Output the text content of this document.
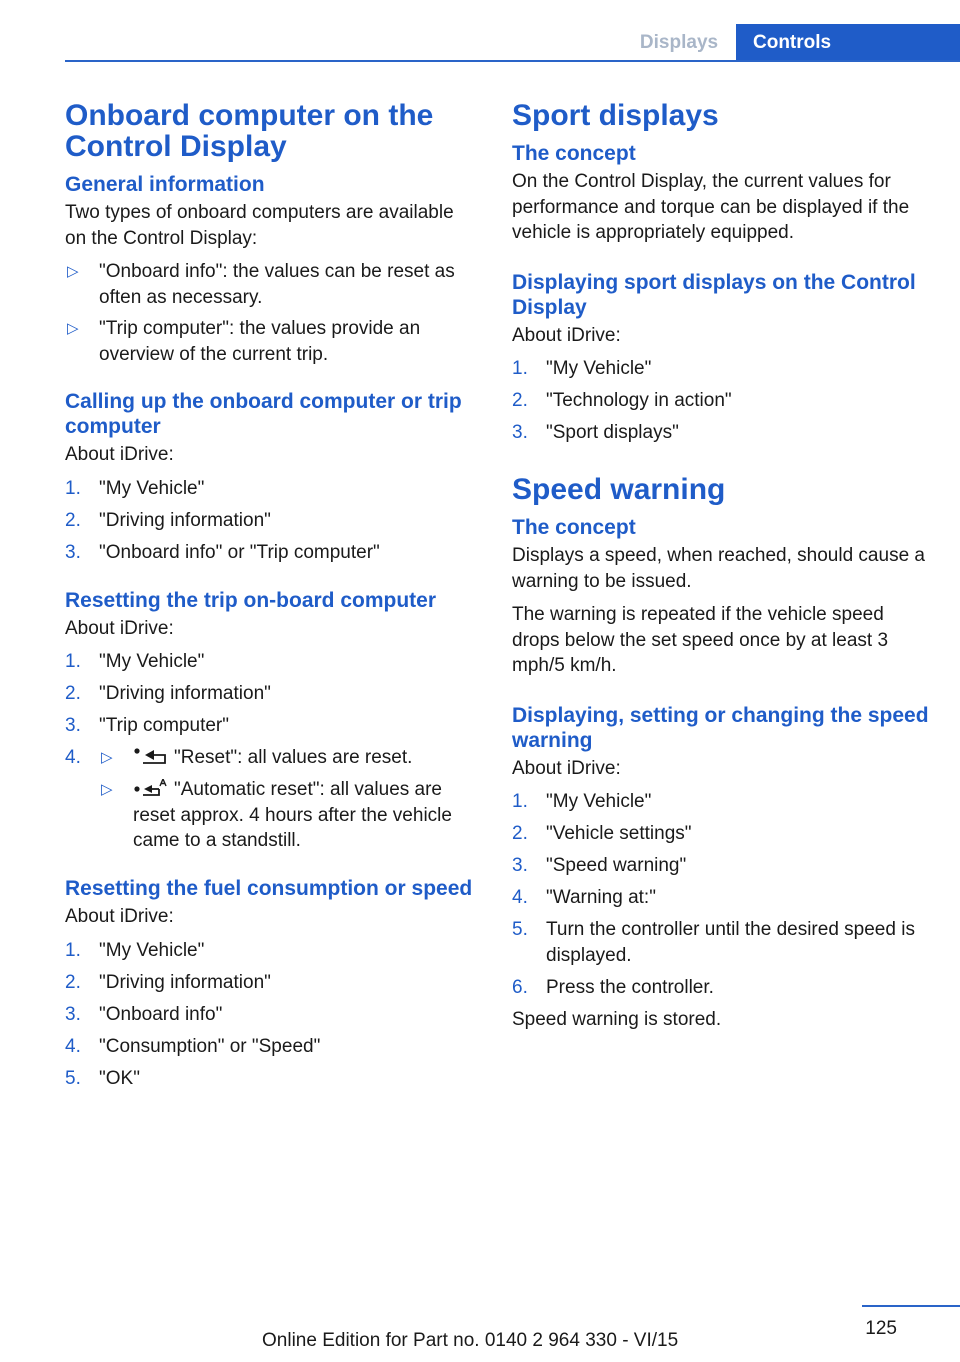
Displays	Controls
Onboard computer on the Control Display
General information

Two types of onboard computers are available on the Control Display:

▷ "Onboard info": the values can be reset as often as necessary.
▷ "Trip computer": the values provide an overview of the current trip.
Calling up the onboard computer or trip computer

About iDrive:

1. "My Vehicle"
2. "Driving information"
3. "Onboard info" or "Trip computer"
Resetting the trip on-board computer

About iDrive:

1. "My Vehicle"
2. "Driving information"
3. "Trip computer"
4. ▷	"Reset": all values are reset.
▷	"Automatic reset": all values are reset approx. 4 hours after the vehicle came to a standstill.
Resetting the fuel consumption or speed

About iDrive:

1. "My Vehicle"
2. "Driving information"
3. "Onboard info"
4. "Consumption" or "Speed"
5. "OK"
Sport displays
The concept

On the Control Display, the current values for performance and torque can be displayed if the vehicle is appropriately equipped.

Displaying sport displays on the Control Display

About iDrive:

1. "My Vehicle"
2. "Technology in action"
3. "Sport displays"
Speed warning
The concept

Displays a speed, when reached, should cause a warning to be issued.

The warning is repeated if the vehicle speed drops below the set speed once by at least 3 mph/5 km/h.

Displaying, setting or changing the speed warning

About iDrive:

1. "My Vehicle"
2. "Vehicle settings"
3. "Speed warning"
4. "Warning at:"
5. Turn the controller until the desired speed is displayed.
6. Press the controller.

Speed warning is stored.

125
Online Edition for Part no. 0140 2 964 330 - VI/15
